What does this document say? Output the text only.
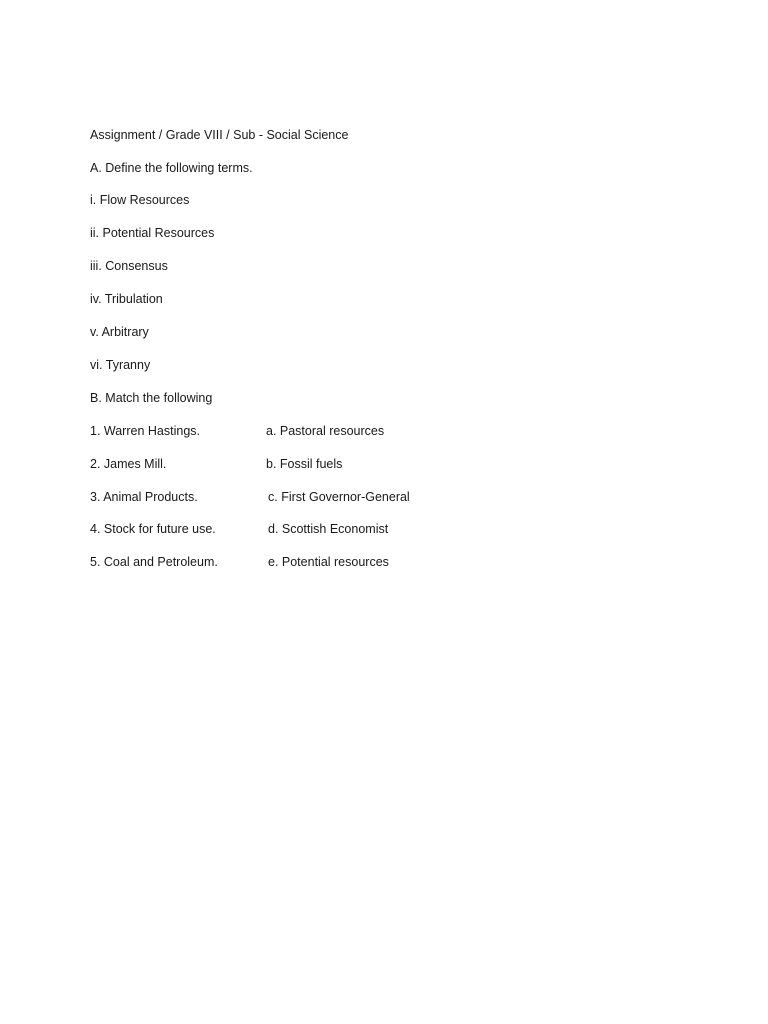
Assignment / Grade VIII / Sub - Social Science
A. Define the following terms.
i. Flow Resources
ii. Potential Resources
iii. Consensus
iv. Tribulation
v. Arbitrary
vi. Tyranny
B. Match the following
1. Warren Hastings.	a. Pastoral resources
2. James Mill.	b. Fossil fuels
3. Animal Products.	c. First Governor-General
4. Stock for future use.	d. Scottish Economist
5. Coal and Petroleum.	e. Potential resources
